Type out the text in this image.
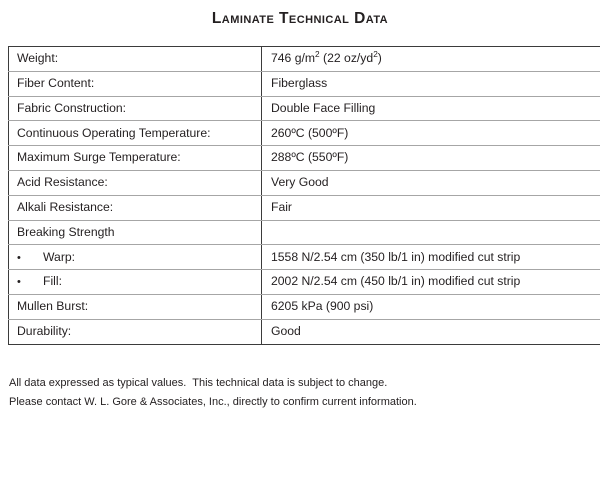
Laminate Technical Data
Weight:	746 $g/m^2$ (22 $oz/yd^2$)
Fiber Content:	Fiberglass
Fabric Construction:	Double Face Filling
Continuous Operating Temperature:	260ºC (500ºF)
Maximum Surge Temperature:	288ºC (550ºF)
Acid Resistance:	Very Good
Alkali Resistance:	Fair
Breaking Strength	
• Warp:	1558 N/2.54 cm (350 lb/1 in) modified cut strip
• Fill:	2002 N/2.54 cm (450 lb/1 in) modified cut strip
Mullen Burst:	6205 kPa (900 psi)
Durability:	Good
All data expressed as typical values.  This technical data is subject to change.
Please contact W. L. Gore & Associates, Inc., directly to confirm current information.
